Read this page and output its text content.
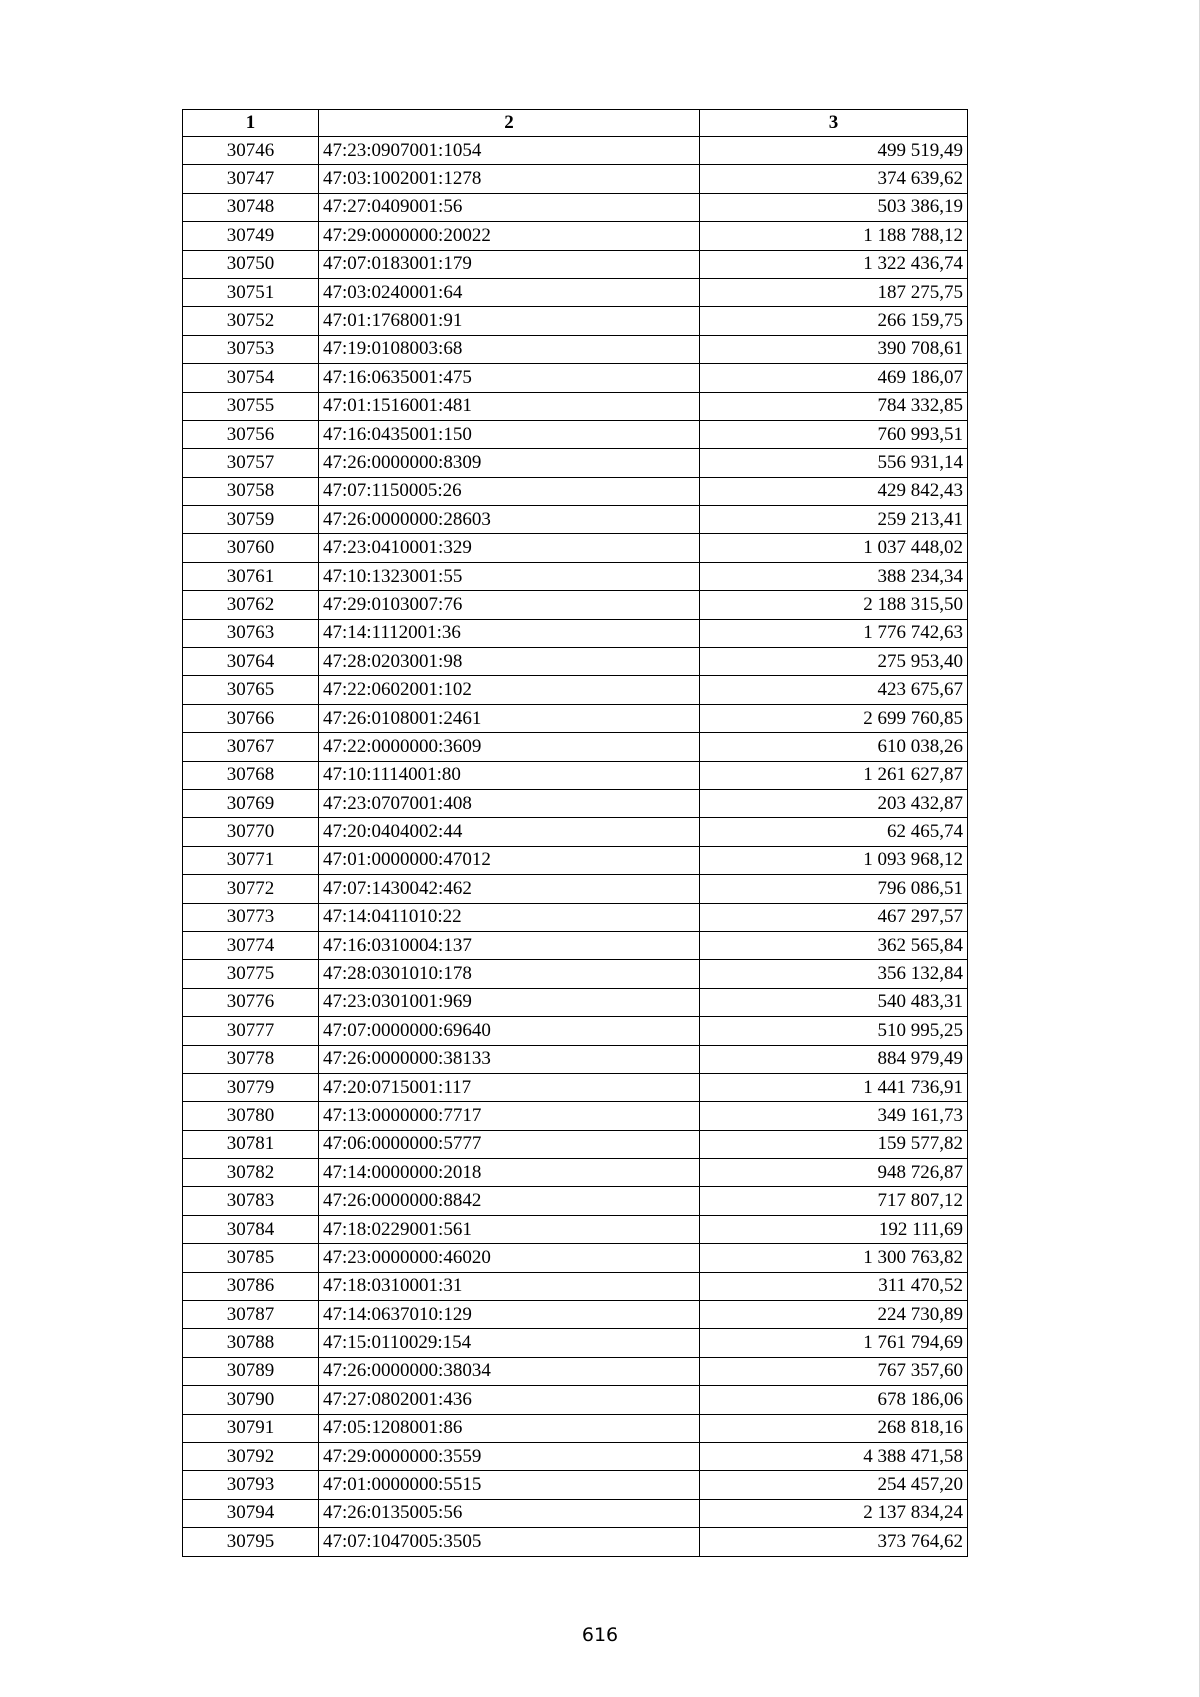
1	2	3
30746	47:23:0907001:1054	499 519,49
30747	47:03:1002001:1278	374 639,62
30748	47:27:0409001:56	503 386,19
30749	47:29:0000000:20022	1 188 788,12
30750	47:07:0183001:179	1 322 436,74
30751	47:03:0240001:64	187 275,75
30752	47:01:1768001:91	266 159,75
30753	47:19:0108003:68	390 708,61
30754	47:16:0635001:475	469 186,07
30755	47:01:1516001:481	784 332,85
30756	47:16:0435001:150	760 993,51
30757	47:26:0000000:8309	556 931,14
30758	47:07:1150005:26	429 842,43
30759	47:26:0000000:28603	259 213,41
30760	47:23:0410001:329	1 037 448,02
30761	47:10:1323001:55	388 234,34
30762	47:29:0103007:76	2 188 315,50
30763	47:14:1112001:36	1 776 742,63
30764	47:28:0203001:98	275 953,40
30765	47:22:0602001:102	423 675,67
30766	47:26:0108001:2461	2 699 760,85
30767	47:22:0000000:3609	610 038,26
30768	47:10:1114001:80	1 261 627,87
30769	47:23:0707001:408	203 432,87
30770	47:20:0404002:44	62 465,74
30771	47:01:0000000:47012	1 093 968,12
30772	47:07:1430042:462	796 086,51
30773	47:14:0411010:22	467 297,57
30774	47:16:0310004:137	362 565,84
30775	47:28:0301010:178	356 132,84
30776	47:23:0301001:969	540 483,31
30777	47:07:0000000:69640	510 995,25
30778	47:26:0000000:38133	884 979,49
30779	47:20:0715001:117	1 441 736,91
30780	47:13:0000000:7717	349 161,73
30781	47:06:0000000:5777	159 577,82
30782	47:14:0000000:2018	948 726,87
30783	47:26:0000000:8842	717 807,12
30784	47:18:0229001:561	192 111,69
30785	47:23:0000000:46020	1 300 763,82
30786	47:18:0310001:31	311 470,52
30787	47:14:0637010:129	224 730,89
30788	47:15:0110029:154	1 761 794,69
30789	47:26:0000000:38034	767 357,60
30790	47:27:0802001:436	678 186,06
30791	47:05:1208001:86	268 818,16
30792	47:29:0000000:3559	4 388 471,58
30793	47:01:0000000:5515	254 457,20
30794	47:26:0135005:56	2 137 834,24
30795	47:07:1047005:3505	373 764,62
616
